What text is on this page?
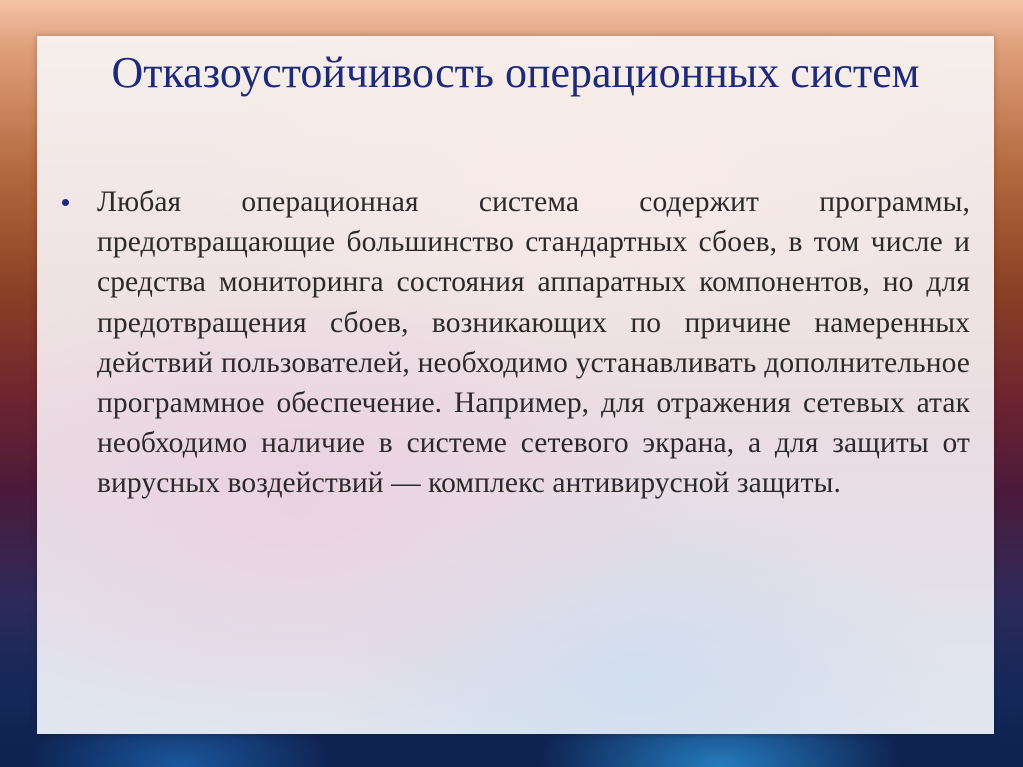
Отказоустойчивость операционных систем

Любая операционная система содержит программы, предотвращающие большинство стандартных сбоев, в том числе и средства мониторинга состояния аппаратных компонентов, но для предотвращения сбоев, возникающих по причине намеренных действий пользователей, необходимо устанавливать дополнительное программное обеспечение. Например, для отражения сетевых атак необходимо наличие в системе сетевого экрана, а для защиты от вирусных воздействий — комплекс антивирусной защиты.
